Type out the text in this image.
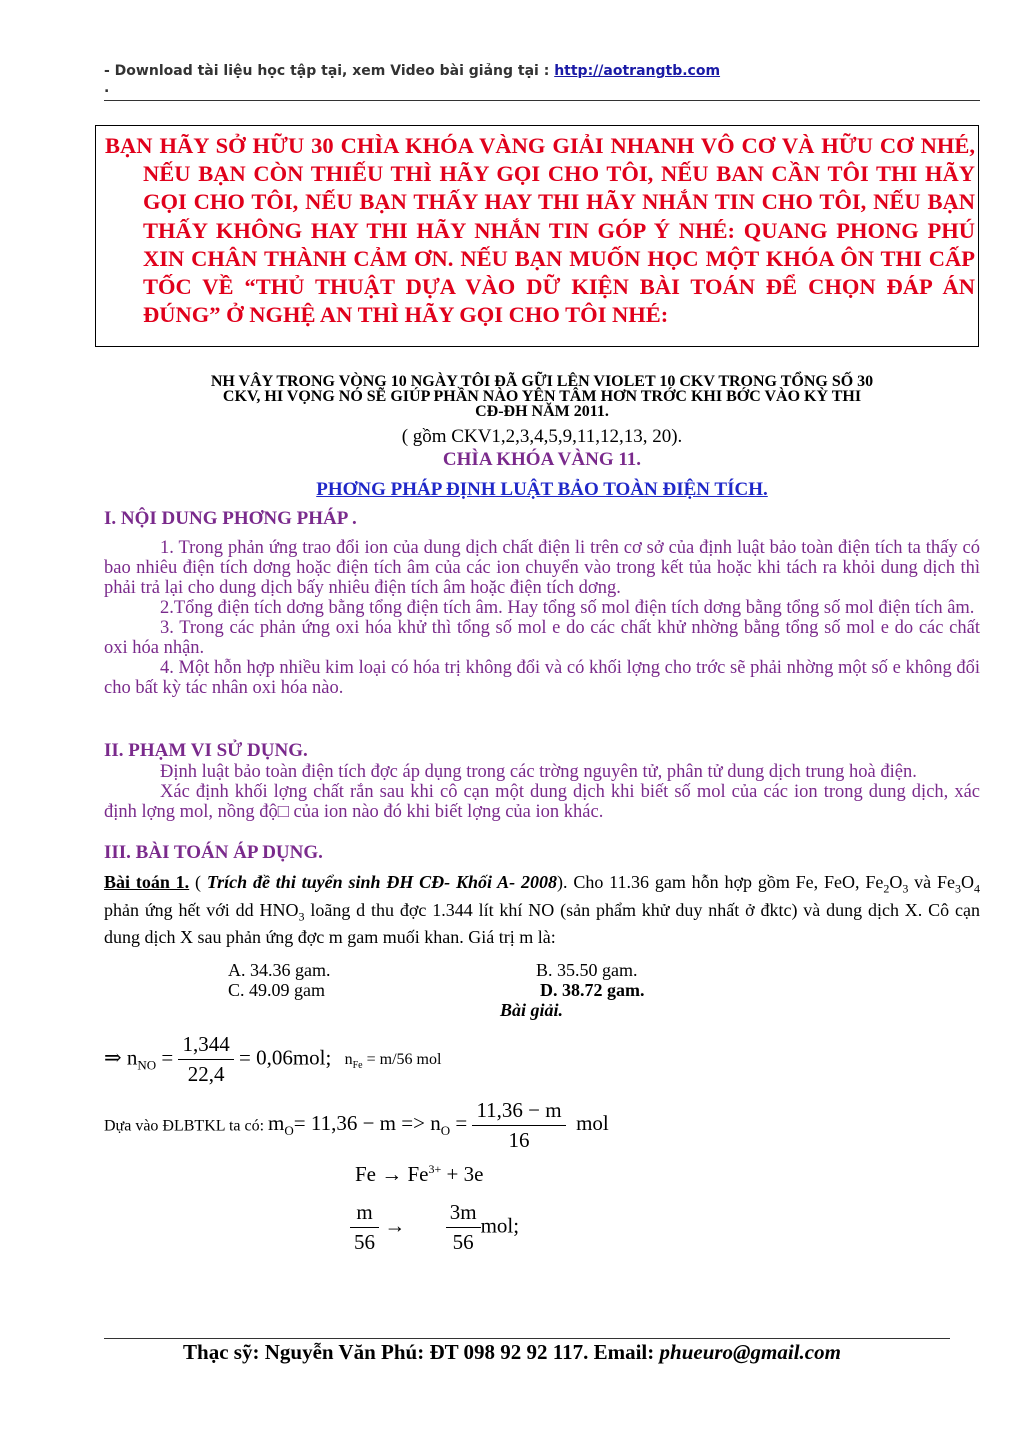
- Download tài liệu học tập tại, xem Video bài giảng tại : http://aotrangtb.com
.
BẠN HÃY SỞ HỮU 30 CHÌA KHÓA VÀNG GIẢI NHANH VÔ CƠ VÀ HỮU CƠ NHÉ, NẾU BẠN CÒN THIẾU THÌ HÃY GỌI CHO TÔI, NẾU BAN CẦN TÔI THI HÃY GỌI CHO TÔI, NẾU BẠN THẤY HAY THI HÃY NHẮN TIN CHO TÔI, NẾU BẠN THẤY KHÔNG HAY THI HÃY NHẮN TIN GÓP Ý NHÉ: QUANG PHONG PHÚ XIN CHÂN THÀNH CẢM ƠN. NẾU BẠN MUỐN HỌC MỘT KHÓA ÔN THI CẤP TỐC VỀ “THỦ THUẬT DỰA VÀO DỮ KIỆN BÀI TOÁN ĐỂ CHỌN ĐÁP ÁN ĐÚNG” Ở NGHỆ AN THÌ HÃY GỌI CHO TÔI NHÉ:
NH VÂY TRONG VÒNG 10 NGÀY TÔI ĐÃ GỮI LÊN VIOLET 10 CKV TRONG TỔNG SỐ 30
CKV, HI VỌNG NÓ SẼ GIÚP PHẦN NÀO YÊN TÂM HƠN TRỚC KHI BỚC VÀO KỲ THI
CĐ-ĐH NĂM 2011.
( gồm CKV1,2,3,4,5,9,11,12,13, 20).
CHÌA KHÓA VÀNG 11.
PHƠNG PHÁP ĐỊNH LUẬT BẢO TOÀN ĐIỆN TÍCH.
I. NỘI DUNG PHƠNG PHÁP .

1. Trong phản ứng trao đổi ion của dung dịch chất điện li trên cơ sở của định luật bảo toàn điện tích ta thấy có bao nhiêu điện tích dơng hoặc điện tích âm của các ion chuyển vào trong kết tủa hoặc khi tách ra khỏi dung dịch thì phải trả lại cho dung dịch bấy nhiêu điện tích âm hoặc điện tích dơng.

2.Tổng điện tích dơng bằng tổng điện tích âm. Hay tổng số mol điện tích dơng bằng tổng số mol điện tích âm.

3. Trong các phản ứng oxi hóa khử thì tổng số mol e do các chất khử nhờng bằng tổng số mol e do các chất oxi hóa nhận.

4. Một hỗn hợp nhiều kim loại có hóa trị không đổi và có khối lợng cho trớc sẽ phải nhờng một số e không đổi cho bất kỳ tác nhân oxi hóa nào.

II. PHẠM VI SỬ DỤNG.

Định luật bảo toàn điện tích đợc áp dụng trong các trờng nguyên tử, phân tử dung dịch trung hoà điện.

Xác định khối lợng chất rắn sau khi cô cạn một dung dịch khi biết số mol của các ion trong dung dịch, xác định lợng mol, nồng độ□ của ion nào đó khi biết lợng của ion khác.

III. BÀI TOÁN ÁP DỤNG.
Bài toán 1. ( Trích đề thi tuyển sinh ĐH CĐ- Khối A- 2008). Cho 11.36 gam hỗn hợp gồm Fe, FeO, $Fe_2O_3$ và $Fe_3O_4$ phản ứng hết với dd $HNO_3$ loãng d thu đợc 1.344 lít khí NO (sản phẩm khử duy nhất ở đktc) và dung dịch X. Cô cạn dung dịch X sau phản ứng đợc m gam muối khan. Giá trị m là:
A. 34.36 gam.	B. 35.50 gam.
C. 49.09 gam	D. 38.72 gam.
Bài giải.
⇒ $n_{NO} = \frac{1,344}{22,4} = 0,06mol$; $n_{Fe} = m/56$ mol
Dựa vào ĐLBTKL ta có: $m_O= 11,36 - m => n_O = \frac{11,36 - m}{16}$ mol
$Fe \to Fe^{3+} + 3e$
$\frac{m}{56} \to \frac{3m}{56}$ mol;
Thạc sỹ: Nguyễn Văn Phú: ĐT 098 92 92 117. Email: phueuro@gmail.com
